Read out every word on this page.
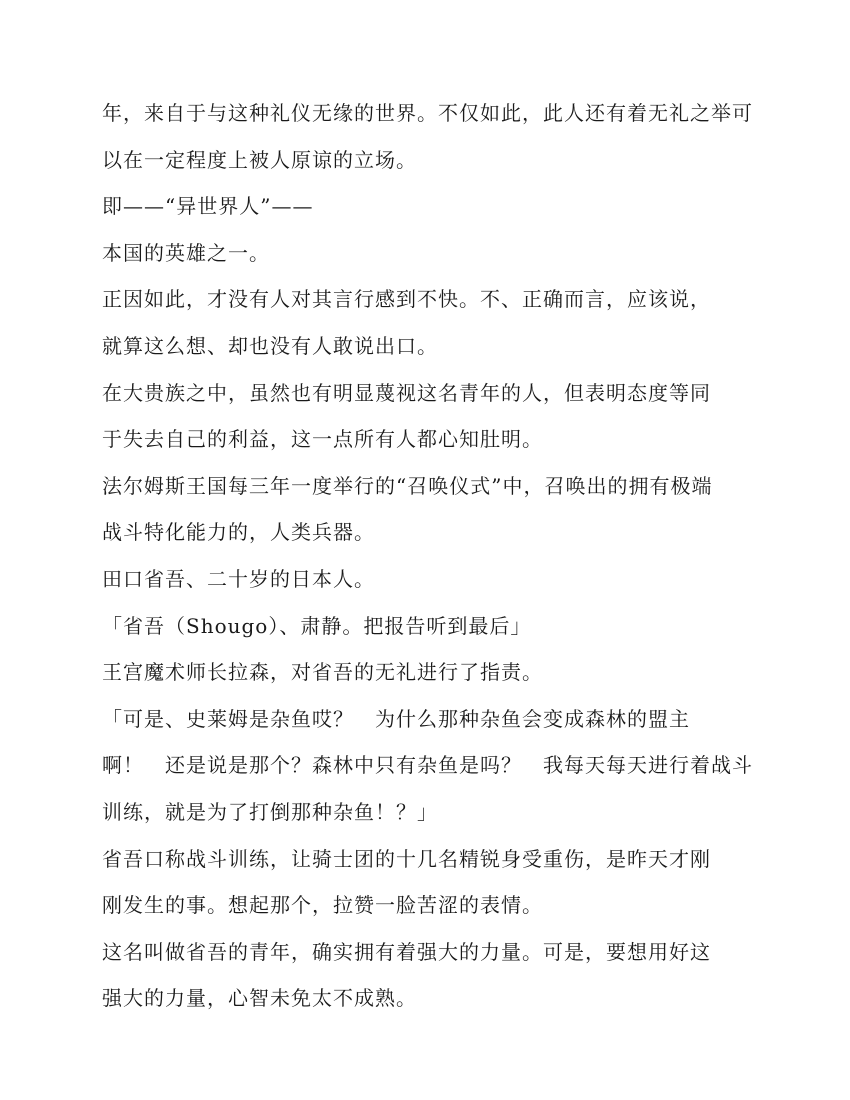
年，来自于与这种礼仪无缘的世界。不仅如此，此人还有着无礼之举可
以在一定程度上被人原谅的立场。
即——“异世界人”——
本国的英雄之一。
正因如此，才没有人对其言行感到不快。不、正确而言，应该说，
就算这么想、却也没有人敢说出口。
在大贵族之中，虽然也有明显蔑视这名青年的人，但表明态度等同
于失去自己的利益，这一点所有人都心知肚明。
法尔姆斯王国每三年一度举行的“召唤仪式”中，召唤出的拥有极端
战斗特化能力的，人类兵器。
田口省吾、二十岁的日本人。
「省吾（Shougo）、肃静。把报告听到最后」
王宫魔术师长拉森，对省吾的无礼进行了指责。
「可是、史莱姆是杂鱼哎？　为什么那种杂鱼会变成森林的盟主
啊！　还是说是那个？森林中只有杂鱼是吗？　我每天每天进行着战斗
训练，就是为了打倒那种杂鱼！？」
省吾口称战斗训练，让骑士团的十几名精锐身受重伤，是昨天才刚
刚发生的事。想起那个，拉赞一脸苦涩的表情。
这名叫做省吾的青年，确实拥有着强大的力量。可是，要想用好这
强大的力量，心智未免太不成熟。
